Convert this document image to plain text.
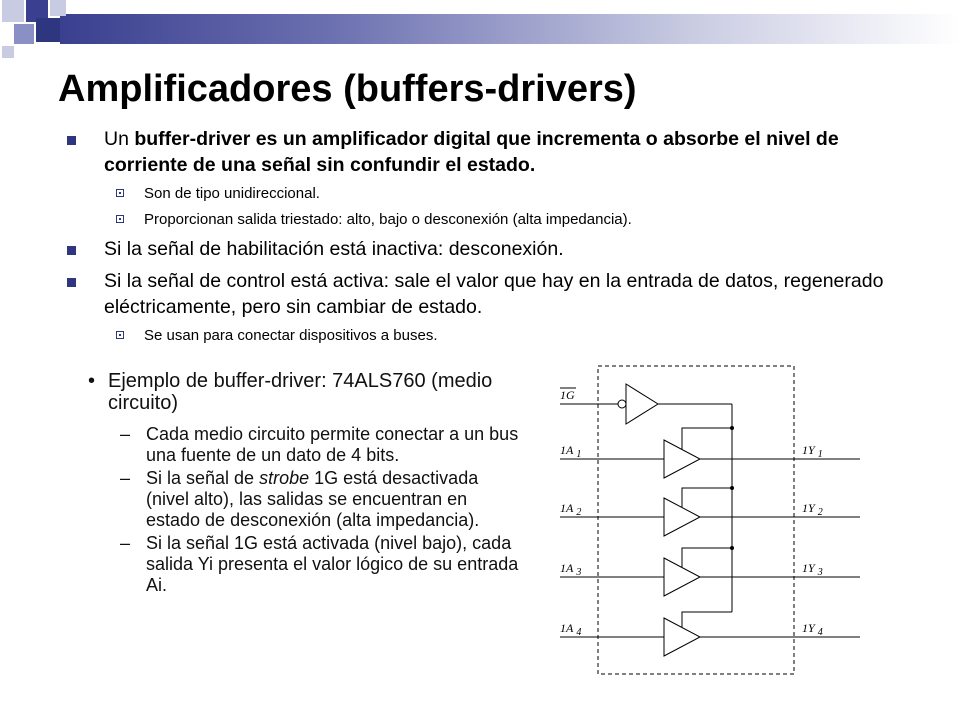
Amplificadores (buffers-drivers)
Un buffer-driver es un amplificador digital que incrementa o absorbe el nivel de corriente de una señal sin confundir el estado.
Son de tipo unidireccional.
Proporcionan salida triestado: alto, bajo o desconexión (alta impedancia).
Si la señal de habilitación está inactiva: desconexión.
Si la señal de control está activa: sale el valor que hay en la entrada de datos, regenerado eléctricamente, pero sin cambiar de estado.
Se usan para conectar dispositivos a buses.
• Ejemplo de buffer-driver: 74ALS760 (medio circuito)
– Cada medio circuito permite conectar a un bus una fuente de un dato de 4 bits.
– Si la señal de strobe 1G está desactivada (nivel alto), las salidas se encuentran en estado de desconexión (alta impedancia).
– Si la señal 1G está activada (nivel bajo), cada salida Yi presenta el valor lógico de su entrada Ai.
1G
1A $_1$
1A $_2$
1A $_3$
1A $_4$
1Y $_1$
1Y $_2$
1Y $_3$
1Y $_4$
